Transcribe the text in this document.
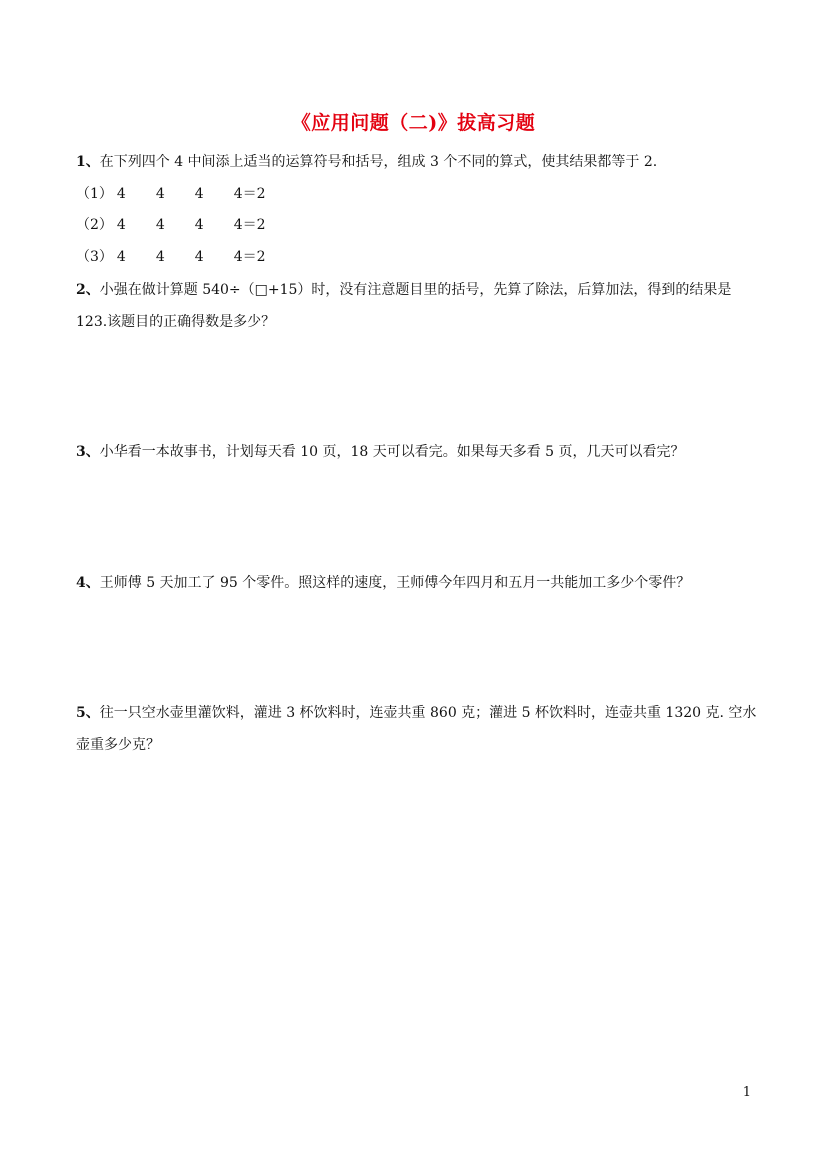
《应用问题（二)》拔高习题
1、在下列四个 4 中间添上适当的运算符号和括号，组成 3 个不同的算式，使其结果都等于 2.
（1） 4 4 4 4＝2
（2） 4 4 4 4＝2
（3） 4 4 4 4＝2
2、小强在做计算题 540÷（□+15）时，没有注意题目里的括号，先算了除法，后算加法，得到的结果是
123.该题目的正确得数是多少？
3、小华看一本故事书，计划每天看 10 页，18 天可以看完。如果每天多看 5 页，几天可以看完？
4、王师傅 5 天加工了 95 个零件。照这样的速度，王师傅今年四月和五月一共能加工多少个零件？
5、往一只空水壶里灌饮料，灌进 3 杯饮料时，连壶共重 860 克；灌进 5 杯饮料时，连壶共重 1320 克. 空水
壶重多少克？
1
